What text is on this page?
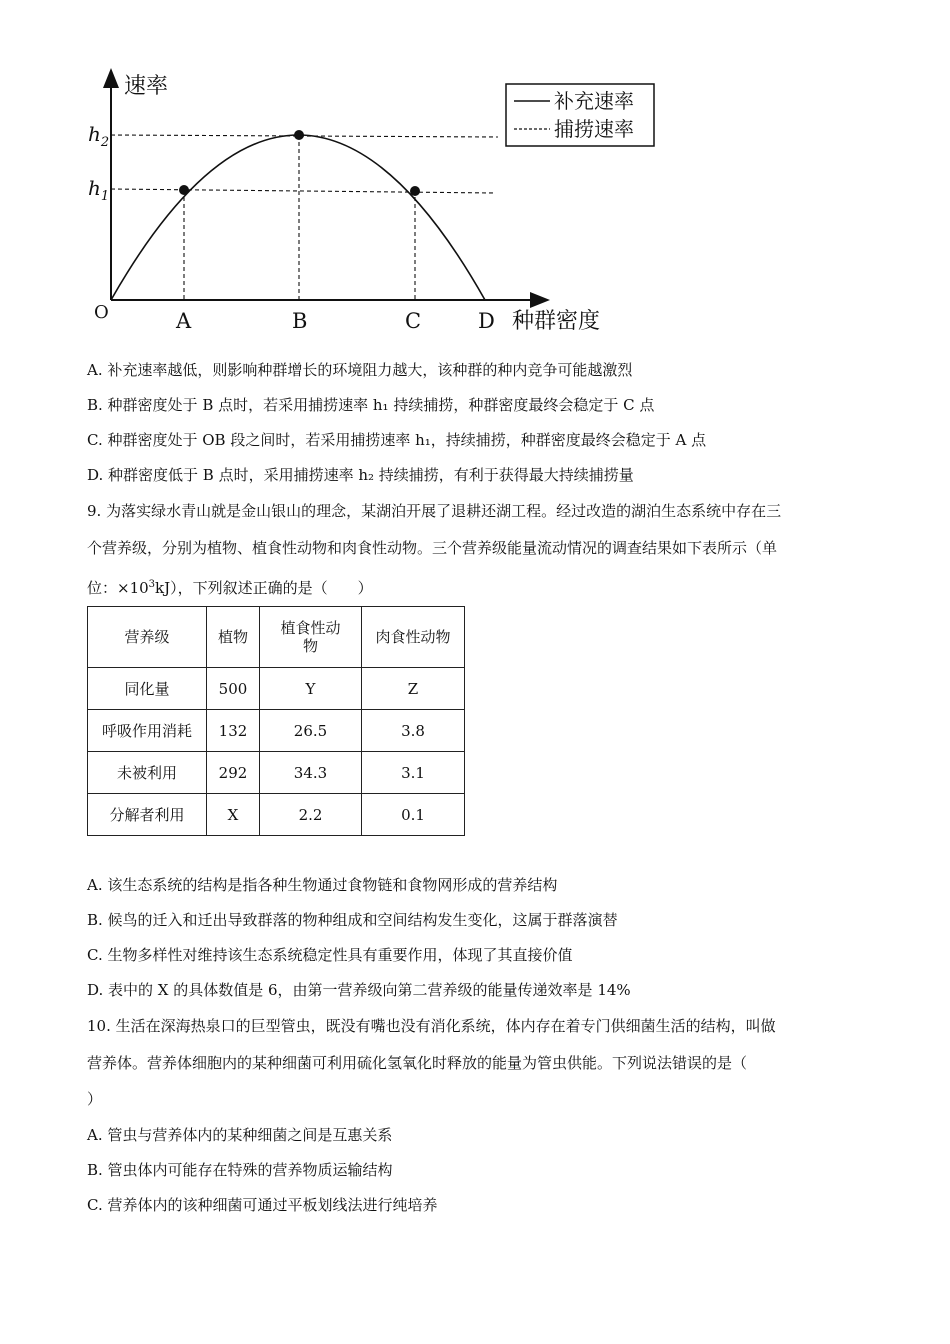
速率
种群密度
O
$h_2$
$h_1$
A	B	C	D
补充速率
捕捞速率
A. 补充速率越低，则影响种群增长的环境阻力越大，该种群的种内竞争可能越激烈
B. 种群密度处于 B 点时，若采用捕捞速率 h₁ 持续捕捞，种群密度最终会稳定于 C 点
C. 种群密度处于 OB 段之间时，若采用捕捞速率 h₁，持续捕捞，种群密度最终会稳定于 A 点
D. 种群密度低于 B 点时，采用捕捞速率 h₂ 持续捕捞，有利于获得最大持续捕捞量
9. 为落实绿水青山就是金山银山的理念，某湖泊开展了退耕还湖工程。经过改造的湖泊生态系统中存在三
个营养级，分别为植物、植食性动物和肉食性动物。三个营养级能量流动情况的调查结果如下表所示（单
位：$\times 10^3kJ$），下列叙述正确的是（　　）
营养级	植物	植食性动物	肉食性动物
同化量	500	Y	Z
呼吸作用消耗	132	26.5	3.8
未被利用	292	34.3	3.1
分解者利用	X	2.2	0.1
A. 该生态系统的结构是指各种生物通过食物链和食物网形成的营养结构
B. 候鸟的迁入和迁出导致群落的物种组成和空间结构发生变化，这属于群落演替
C. 生物多样性对维持该生态系统稳定性具有重要作用，体现了其直接价值
D. 表中的 X 的具体数值是 6，由第一营养级向第二营养级的能量传递效率是 14%
10. 生活在深海热泉口的巨型管虫，既没有嘴也没有消化系统，体内存在着专门供细菌生活的结构，叫做
营养体。营养体细胞内的某种细菌可利用硫化氢氧化时释放的能量为管虫供能。下列说法错误的是（
）
A. 管虫与营养体内的某种细菌之间是互惠关系
B. 管虫体内可能存在特殊的营养物质运输结构
C. 营养体内的该种细菌可通过平板划线法进行纯培养
